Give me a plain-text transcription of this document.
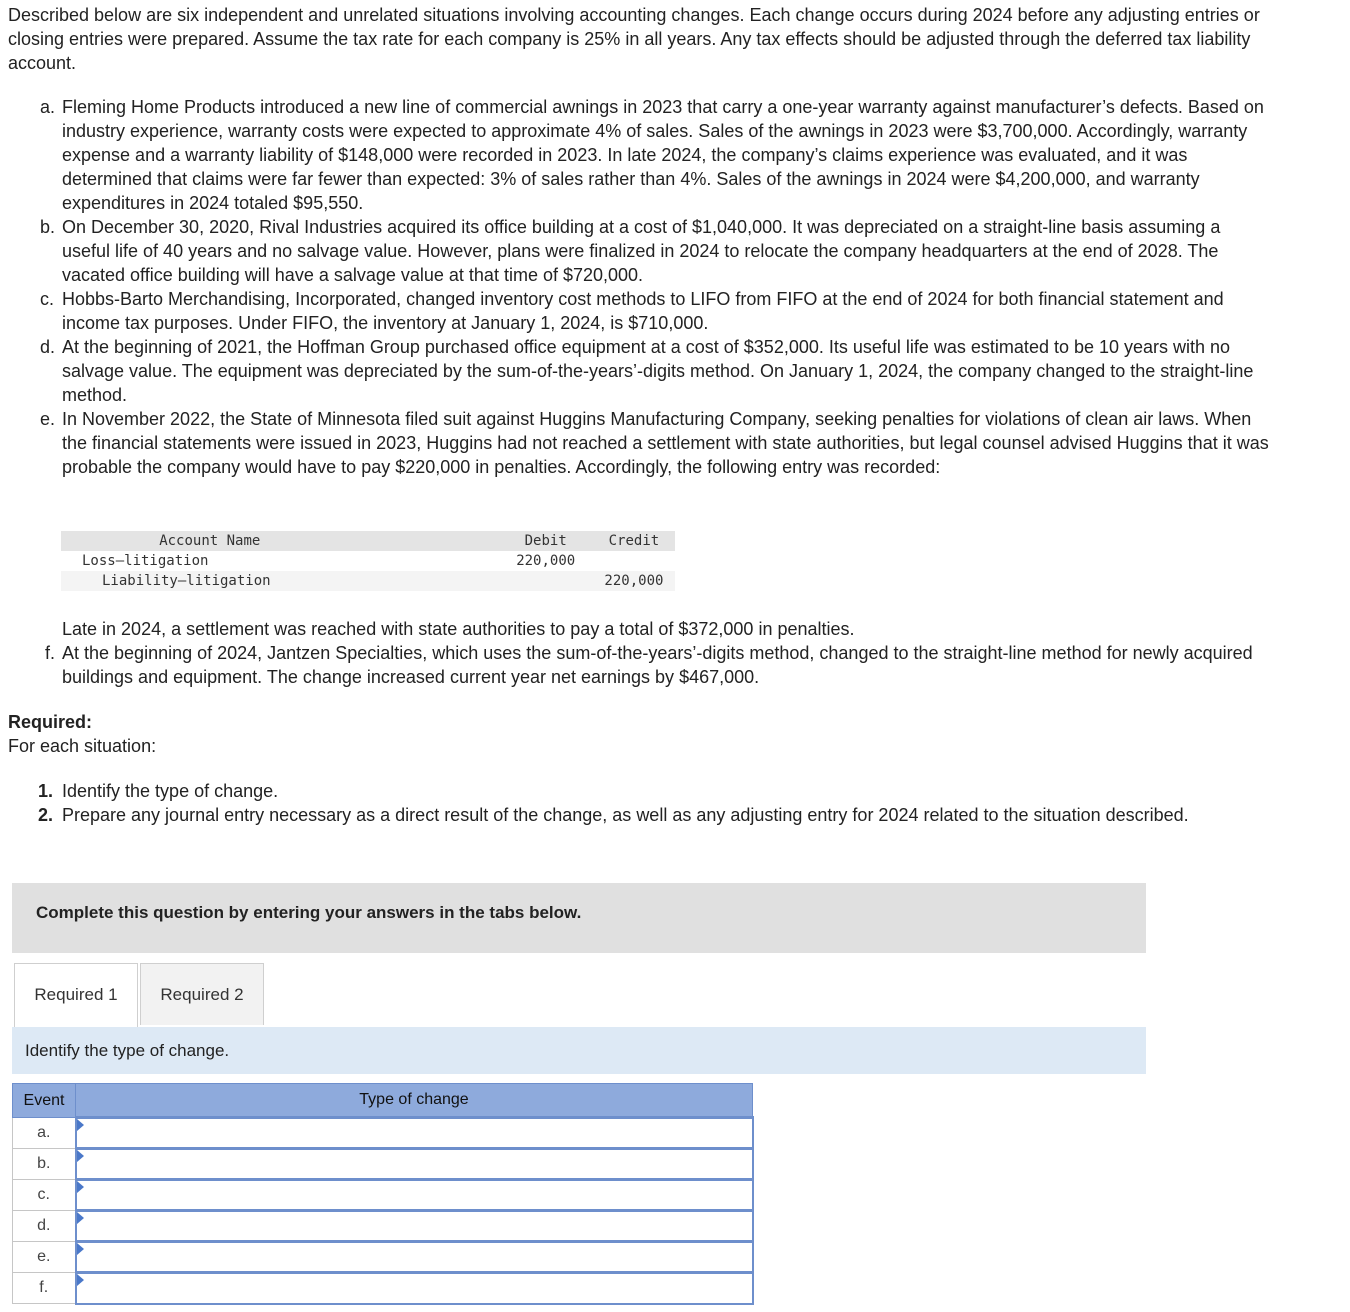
Described below are six independent and unrelated situations involving accounting changes. Each change occurs during 2024 before any adjusting entries or closing entries were prepared. Assume the tax rate for each company is 25% in all years. Any tax effects should be adjusted through the deferred tax liability account.
a. Fleming Home Products introduced a new line of commercial awnings in 2023 that carry a one-year warranty against manufacturer’s defects. Based on industry experience, warranty costs were expected to approximate 4% of sales. Sales of the awnings in 2023 were $3,700,000. Accordingly, warranty expense and a warranty liability of $148,000 were recorded in 2023. In late 2024, the company’s claims experience was evaluated, and it was determined that claims were far fewer than expected: 3% of sales rather than 4%. Sales of the awnings in 2024 were $4,200,000, and warranty expenditures in 2024 totaled $95,550.
b. On December 30, 2020, Rival Industries acquired its office building at a cost of $1,040,000. It was depreciated on a straight-line basis assuming a useful life of 40 years and no salvage value. However, plans were finalized in 2024 to relocate the company headquarters at the end of 2028. The vacated office building will have a salvage value at that time of $720,000.
c. Hobbs-Barto Merchandising, Incorporated, changed inventory cost methods to LIFO from FIFO at the end of 2024 for both financial statement and income tax purposes. Under FIFO, the inventory at January 1, 2024, is $710,000.
d. At the beginning of 2021, the Hoffman Group purchased office equipment at a cost of $352,000. Its useful life was estimated to be 10 years with no salvage value. The equipment was depreciated by the sum-of-the-years’-digits method. On January 1, 2024, the company changed to the straight-line method.
e. In November 2022, the State of Minnesota filed suit against Huggins Manufacturing Company, seeking penalties for violations of clean air laws. When the financial statements were issued in 2023, Huggins had not reached a settlement with state authorities, but legal counsel advised Huggins that it was probable the company would have to pay $220,000 in penalties. Accordingly, the following entry was recorded:
Account Name	Debit	Credit
Loss—litigation	220,000	
Liability—litigation		220,000
Late in 2024, a settlement was reached with state authorities to pay a total of $372,000 in penalties.
f. At the beginning of 2024, Jantzen Specialties, which uses the sum-of-the-years’-digits method, changed to the straight-line method for newly acquired buildings and equipment. The change increased current year net earnings by $467,000.
Required:
For each situation:
1. Identify the type of change.
2. Prepare any journal entry necessary as a direct result of the change, as well as any adjusting entry for 2024 related to the situation described.
Complete this question by entering your answers in the tabs below.
Required 1	Required 2
Identify the type of change.
Event	Type of change
a.	

b.	

c.	

d.	

e.	

f.	
